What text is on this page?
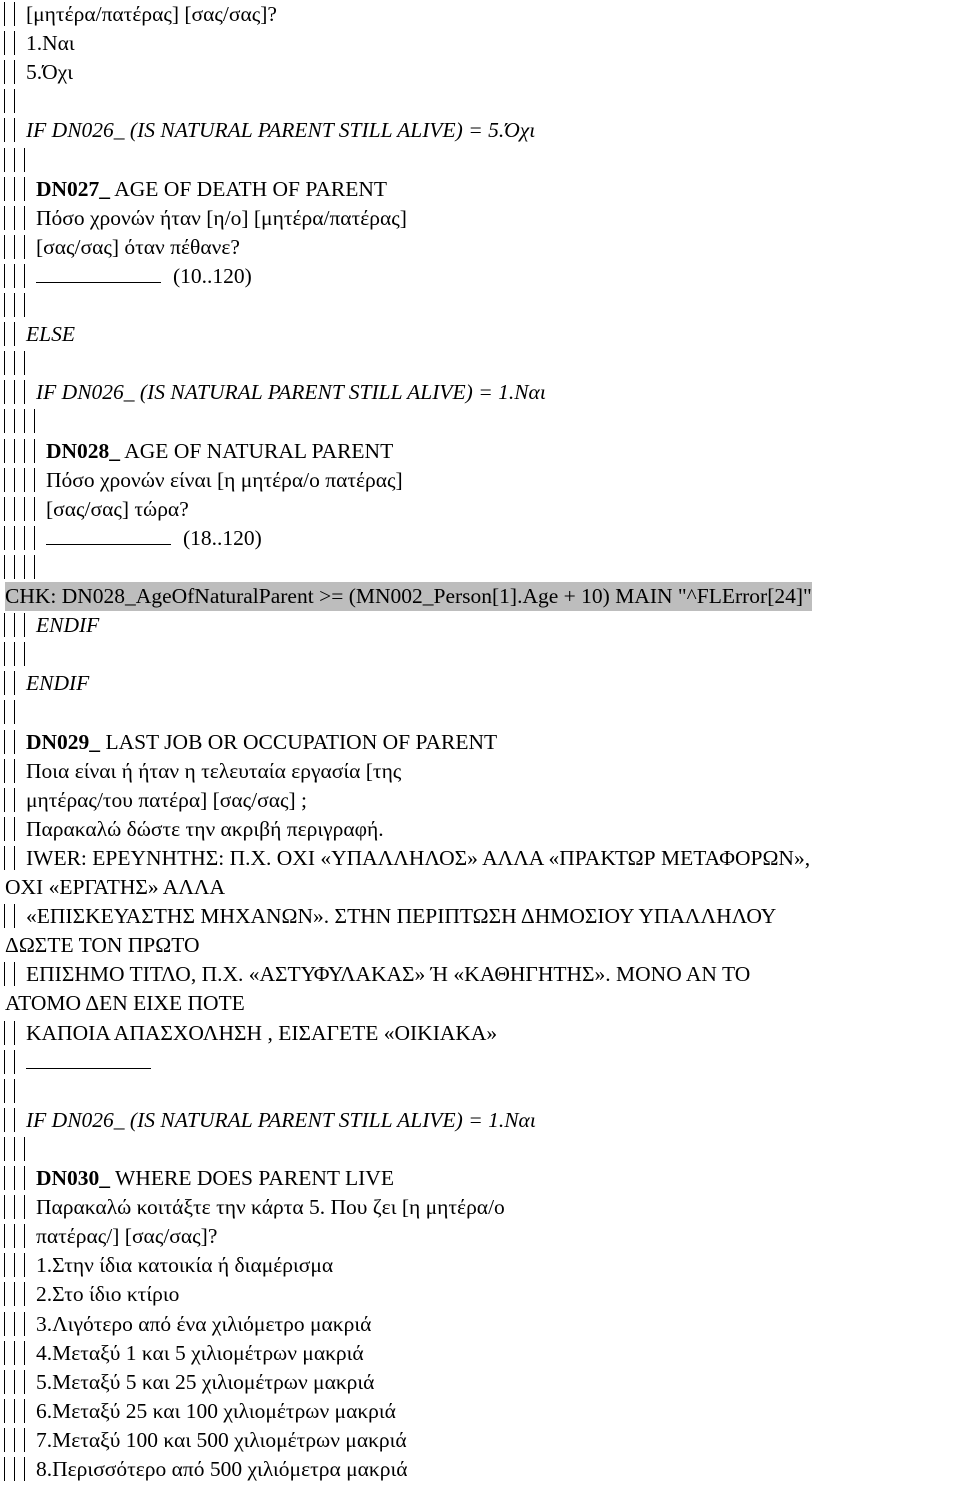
[μητέρα/πατέρας] [σας/σας]?
1.Ναι
5.Όχι
IF DN026_ (IS NATURAL PARENT STILL ALIVE) = 5.Όχι
DN027_ AGE OF DEATH OF PARENT
Πόσο χρονών ήταν [η/ο] [μητέρα/πατέρας]
[σας/σας] όταν πέθανε?
(10..120)
ELSE
IF DN026_ (IS NATURAL PARENT STILL ALIVE) = 1.Ναι
DN028_ AGE OF NATURAL PARENT
Πόσο χρονών είναι [η μητέρα/ο πατέρας]
[σας/σας] τώρα?
(18..120)
CHK: DN028_AgeOfNaturalParent >= (MN002_Person[1].Age + 10) MAIN "^FLError[24]"
ENDIF
ENDIF
DN029_ LAST JOB OR OCCUPATION OF PARENT
Ποια είναι ή ήταν η τελευταία εργασία [της
μητέρας/του πατέρα] [σας/σας] ;
Παρακαλώ δώστε την ακριβή περιγραφή.
IWER: ΕΡΕΥΝΗΤΗΣ: Π.Χ. ΟΧΙ «ΥΠΑΛΛΗΛΟΣ» ΑΛΛΑ «ΠΡΑΚΤΩΡ ΜΕΤΑΦΟΡΩΝ»,
ΟΧΙ «ΕΡΓΑΤΗΣ» ΑΛΛΑ
«ΕΠΙΣΚΕΥΑΣΤΗΣ ΜΗΧΑΝΩΝ». ΣΤΗΝ ΠΕΡΙΠΤΩΣΗ ΔΗΜΟΣΙΟΥ ΥΠΑΛΛΗΛΟΥ
ΔΩΣΤΕ ΤΟΝ ΠΡΩΤΟ
ΕΠΙΣΗΜΟ ΤΙΤΛΟ, Π.Χ. «ΑΣΤΥΦΥΛΑΚΑΣ» Ή «ΚΑΘΗΓΗΤΗΣ». ΜΟΝΟ ΑΝ ΤΟ
ΑΤΟΜΟ ΔΕΝ ΕΙΧΕ ΠΟΤΕ
ΚΑΠΟΙΑ ΑΠΑΣΧΟΛΗΣΗ , ΕΙΣΑΓΕΤΕ «ΟΙΚΙΑΚΑ»
IF DN026_ (IS NATURAL PARENT STILL ALIVE) = 1.Ναι
DN030_ WHERE DOES PARENT LIVE
Παρακαλώ κοιτάξτε την κάρτα 5. Που ζει [η μητέρα/ο
πατέρας/] [σας/σας]?
1.Στην ίδια κατοικία ή διαμέρισμα
2.Στο ίδιο κτίριο
3.Λιγότερο από ένα χιλιόμετρο μακριά
4.Μεταξύ 1 και 5 χιλιομέτρων μακριά
5.Μεταξύ 5 και 25 χιλιομέτρων μακριά
6.Μεταξύ 25 και 100 χιλιομέτρων μακριά
7.Μεταξύ 100 και 500 χιλιομέτρων μακριά
8.Περισσότερο από 500 χιλιόμετρα μακριά
